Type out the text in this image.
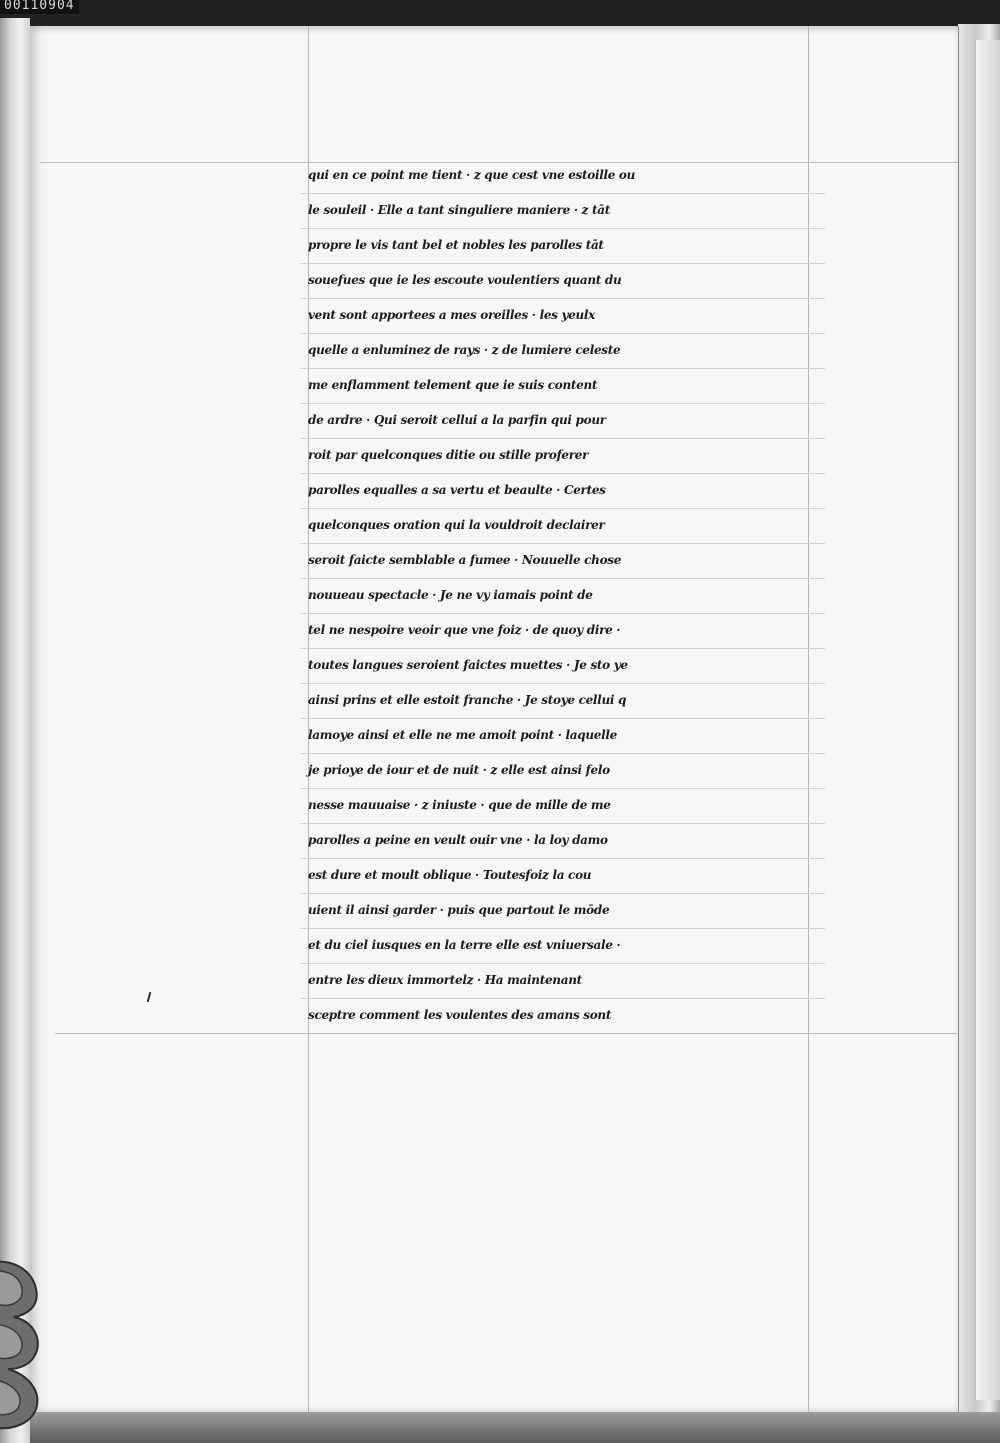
00110904
qui en ce point me tient · z que cest vne estoille ou
le souleil · Elle a tant singuliere maniere · z tāt
propre le vis tant bel et nobles les parolles tāt
souefues que ie les escoute voulentiers quant du
vent sont apportees a mes oreilles · les yeulx
quelle a enluminez de rays · z de lumiere celeste
me enflamment telement que ie suis content
de ardre · Qui seroit cellui a la parfin qui pour
roit par quelconques ditie ou stille proferer
parolles equalles a sa vertu et beaulte · Certes
quelconques oration qui la vouldroit declairer
seroit faicte semblable a fumee · Nouuelle chose
nouueau spectacle · Je ne vy iamais point de
tel ne nespoire veoir que vne foiz · de quoy dire ·
toutes langues seroient faictes muettes · Je sto ye
ainsi prins et elle estoit franche · Je stoye cellui q
lamoye ainsi et elle ne me amoit point · laquelle
je prioye de iour et de nuit · z elle est ainsi felo
nesse mauuaise · z iniuste · que de mille de me
parolles a peine en veult ouir vne · la loy damo
est dure et moult oblique · Toutesfoiz la cou
uient il ainsi garder · puis que partout le mōde
et du ciel iusques en la terre elle est vniuersale ·
entre les dieux immortelz · Ha maintenant
sceptre comment les voulentes des amans sont
